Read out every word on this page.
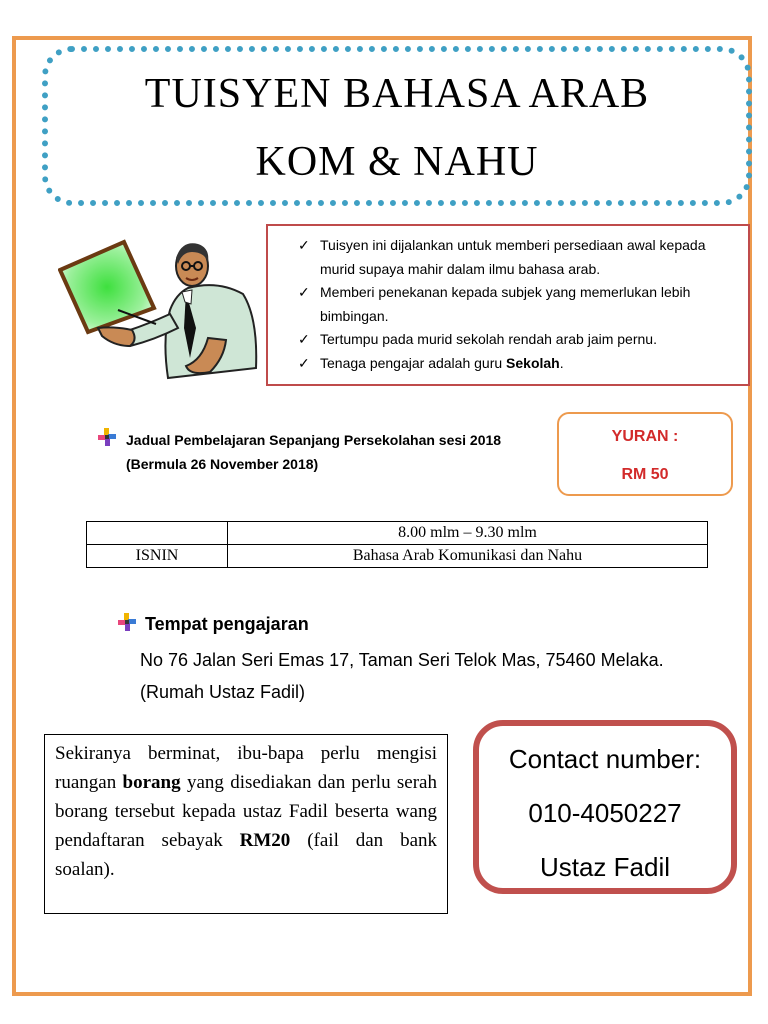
TUISYEN BAHASA ARAB
KOM & NAHU
✓ Tuisyen ini dijalankan untuk memberi persediaan awal kepada murid supaya mahir dalam ilmu bahasa arab.
✓ Memberi penekanan kepada subjek yang memerlukan lebih bimbingan.
✓ Tertumpu pada murid sekolah rendah arab jaim pernu.
✓ Tenaga pengajar adalah guru Sekolah.
Jadual Pembelajaran Sepanjang Persekolahan sesi 2018
(Bermula 26 November 2018)
YURAN :
RM 50
	8.00 mlm – 9.30 mlm
ISNIN	Bahasa Arab Komunikasi dan Nahu
Tempat pengajaran
No 76 Jalan Seri Emas 17, Taman Seri Telok Mas, 75460 Melaka. (Rumah Ustaz Fadil)
Sekiranya berminat, ibu-bapa perlu mengisi ruangan borang yang disediakan dan perlu serah borang tersebut kepada ustaz Fadil beserta wang pendaftaran sebayak RM20 (fail dan bank soalan).
Contact number:
010-4050227
Ustaz Fadil
